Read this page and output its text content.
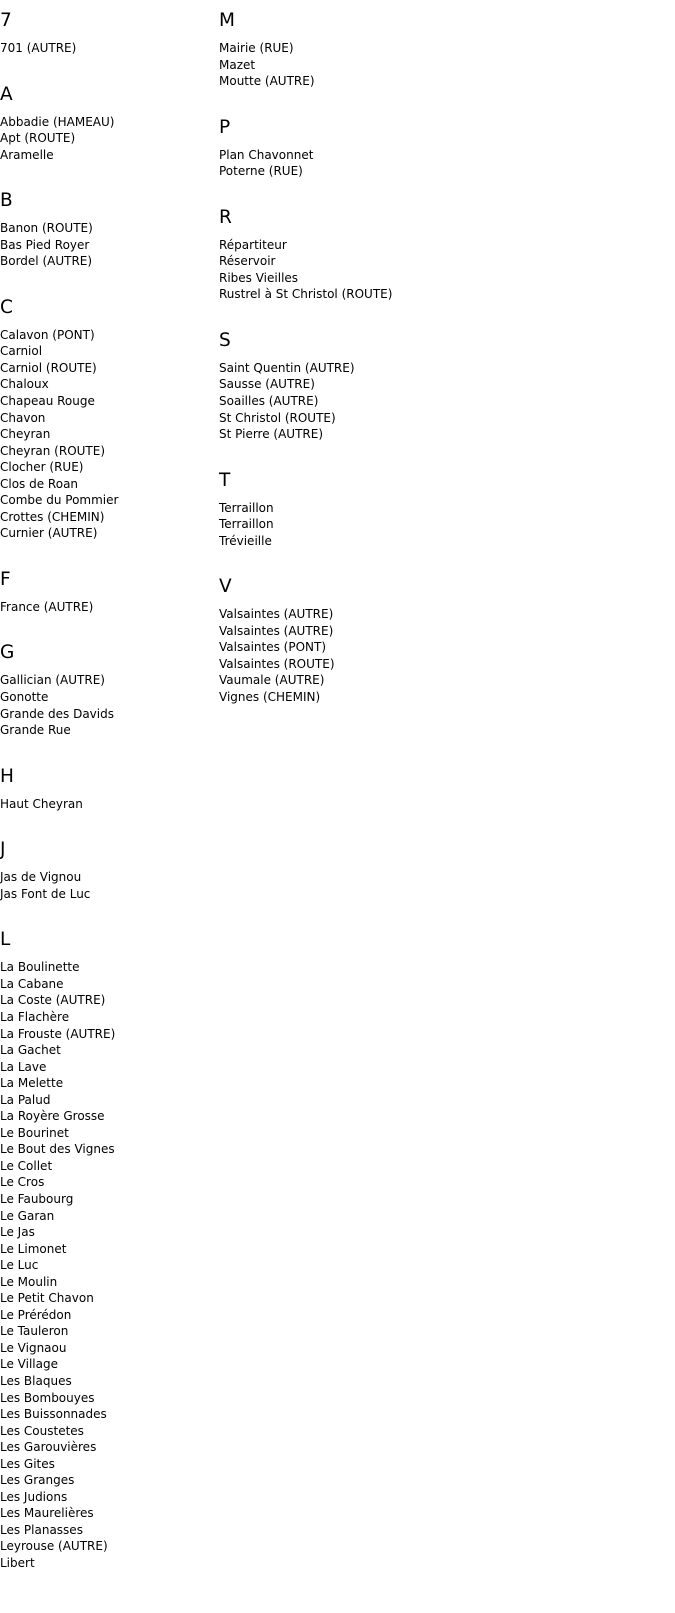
7
701 (AUTRE)
A
Abbadie (HAMEAU)
Apt (ROUTE)
Aramelle
B
Banon (ROUTE)
Bas Pied Royer
Bordel (AUTRE)
C
Calavon (PONT)
Carniol
Carniol (ROUTE)
Chaloux
Chapeau Rouge
Chavon
Cheyran
Cheyran (ROUTE)
Clocher (RUE)
Clos de Roan
Combe du Pommier
Crottes (CHEMIN)
Curnier (AUTRE)
F
France (AUTRE)
G
Gallician (AUTRE)
Gonotte
Grande des Davids
Grande Rue
H
Haut Cheyran
J
Jas de Vignou
Jas Font de Luc
L
La Boulinette
La Cabane
La Coste (AUTRE)
La Flachère
La Frouste (AUTRE)
La Gachet
La Lave
La Melette
La Palud
La Royère Grosse
Le Bourinet
Le Bout des Vignes
Le Collet
Le Cros
Le Faubourg
Le Garan
Le Jas
Le Limonet
Le Luc
Le Moulin
Le Petit Chavon
Le Prérédon
Le Tauleron
Le Vignaou
Le Village
Les Blaques
Les Bombouyes
Les Buissonnades
Les Coustetes
Les Garouvières
Les Gites
Les Granges
Les Judions
Les Maurelières
Les Planasses
Leyrouse (AUTRE)
Libert
M
Mairie (RUE)
Mazet
Moutte (AUTRE)
P
Plan Chavonnet
Poterne (RUE)
R
Répartiteur
Réservoir
Ribes Vieilles
Rustrel à St Christol (ROUTE)
S
Saint Quentin (AUTRE)
Sausse (AUTRE)
Soailles (AUTRE)
St Christol (ROUTE)
St Pierre (AUTRE)
T
Terraillon
Terraillon
Trévieille
V
Valsaintes (AUTRE)
Valsaintes (AUTRE)
Valsaintes (PONT)
Valsaintes (ROUTE)
Vaumale (AUTRE)
Vignes (CHEMIN)
